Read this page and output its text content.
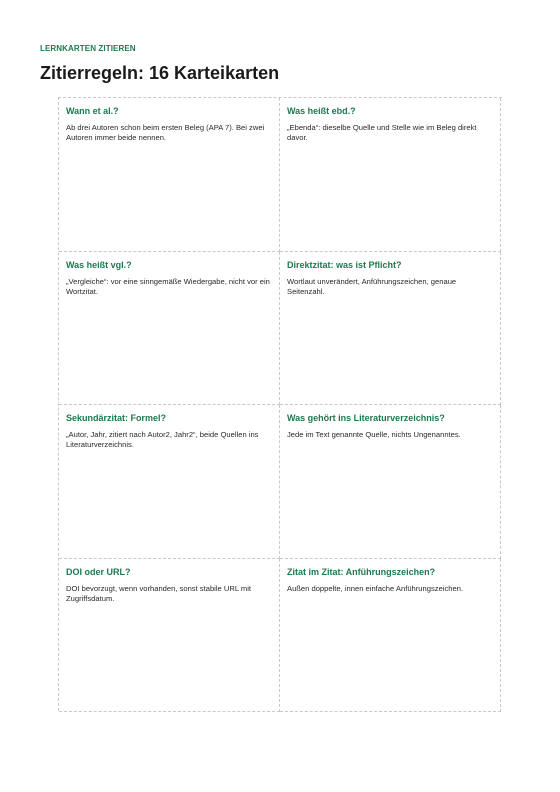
LERNKARTEN ZITIEREN
Zitierregeln: 16 Karteikarten

Wann et al.?

Ab drei Autoren schon beim ersten Beleg (APA 7). Bei zwei Autoren immer beide nennen.

Was heißt ebd.?

„Ebenda“: dieselbe Quelle und Stelle wie im Beleg direkt davor.

Was heißt vgl.?

„Vergleiche“: vor eine sinngemäße Wiedergabe, nicht vor ein Wortzitat.

Direktzitat: was ist Pflicht?

Wortlaut unverändert, Anführungszeichen, genaue Seitenzahl.

Sekundärzitat: Formel?

„Autor, Jahr, zitiert nach Autor2, Jahr2“, beide Quellen ins Literaturverzeichnis.

Was gehört ins Literaturverzeichnis?

Jede im Text genannte Quelle, nichts Ungenanntes.

DOI oder URL?

DOI bevorzugt, wenn vorhanden, sonst stabile URL mit Zugriffsdatum.

Zitat im Zitat: Anführungszeichen?

Außen doppelte, innen einfache Anführungszeichen.
